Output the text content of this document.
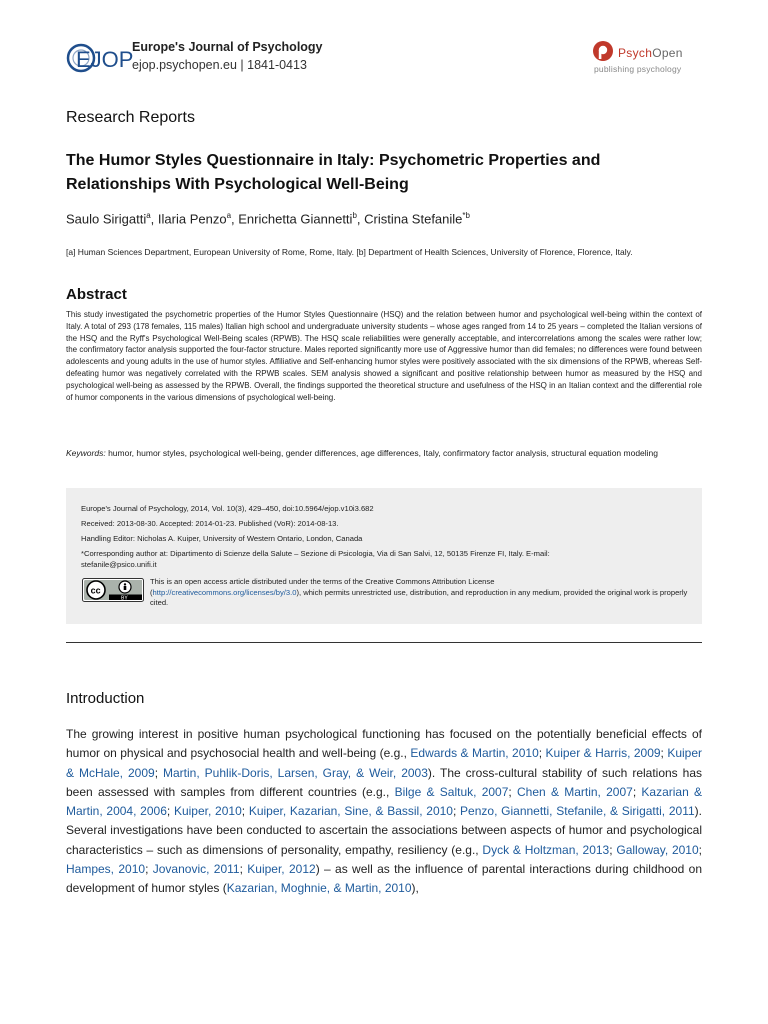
EJOP
Europe's Journal of Psychology
ejop.psychopen.eu | 1841-0413
PsychOpen
publishing psychology
Research Reports
The Humor Styles Questionnaire in Italy: Psychometric Properties and Relationships With Psychological Well-Being
Saulo Sirigatti$^a$, Ilaria Penzo$^a$, Enrichetta Giannetti$^b$, Cristina Stefanile$^{*b}$
[a] Human Sciences Department, European University of Rome, Rome, Italy. [b] Department of Health Sciences, University of Florence, Florence, Italy.
Abstract
This study investigated the psychometric properties of the Humor Styles Questionnaire (HSQ) and the relation between humor and psychological well-being within the context of Italy. A total of 293 (178 females, 115 males) Italian high school and undergraduate university students – whose ages ranged from 14 to 25 years – completed the Italian versions of the HSQ and the Ryff's Psychological Well-Being scales (RPWB). The HSQ scale reliabilities were generally acceptable, and intercorrelations among the scales were rather low; the confirmatory factor analysis supported the four-factor structure. Males reported significantly more use of Aggressive humor than did females; no differences were found between adolescents and young adults in the use of humor styles. Affiliative and Self-enhancing humor styles were positively associated with the six dimensions of the RPWB, whereas Self-defeating humor was negatively correlated with the RPWB scales. SEM analysis showed a significant and positive relationship between humor as measured by the HSQ and psychological well-being as assessed by the RPWB. Overall, the findings supported the theoretical structure and usefulness of the HSQ in an Italian context and the differential role of humor components in the various dimensions of psychological well-being.
Keywords: humor, humor styles, psychological well-being, gender differences, age differences, Italy, confirmatory factor analysis, structural equation modeling
Europe's Journal of Psychology, 2014, Vol. 10(3), 429–450, doi:10.5964/ejop.v10i3.682
Received: 2013-08-30. Accepted: 2014-01-23. Published (VoR): 2014-08-13.
Handling Editor: Nicholas A. Kuiper, University of Western Ontario, London, Canada
*Corresponding author at: Dipartimento di Scienze della Salute – Sezione di Psicologia, Via di San Salvi, 12, 50135 Firenze FI, Italy. E-mail:
stefanile@psico.unifi.it
cc
BY
This is an open access article distributed under the terms of the Creative Commons Attribution License
(http://creativecommons.org/licenses/by/3.0), which permits unrestricted use, distribution, and reproduction in any medium, provided the original work is properly cited.
Introduction
The growing interest in positive human psychological functioning has focused on the potentially beneficial effects of humor on physical and psychosocial health and well-being (e.g., Edwards & Martin, 2010; Kuiper & Harris, 2009; Kuiper & McHale, 2009; Martin, Puhlik-Doris, Larsen, Gray, & Weir, 2003). The cross-cultural stability of such relations has been assessed with samples from different countries (e.g., Bilge & Saltuk, 2007; Chen & Martin, 2007; Kazarian & Martin, 2004, 2006; Kuiper, 2010; Kuiper, Kazarian, Sine, & Bassil, 2010; Penzo, Giannetti, Stefanile, & Sirigatti, 2011). Several investigations have been conducted to ascertain the associations between aspects of humor and psychological characteristics – such as dimensions of personality, empathy, resiliency (e.g., Dyck & Holtzman, 2013; Galloway, 2010; Hampes, 2010; Jovanovic, 2011; Kuiper, 2012) – as well as the influence of parental interactions during childhood on development of humor styles (Kazarian, Moghnie, & Martin, 2010),
